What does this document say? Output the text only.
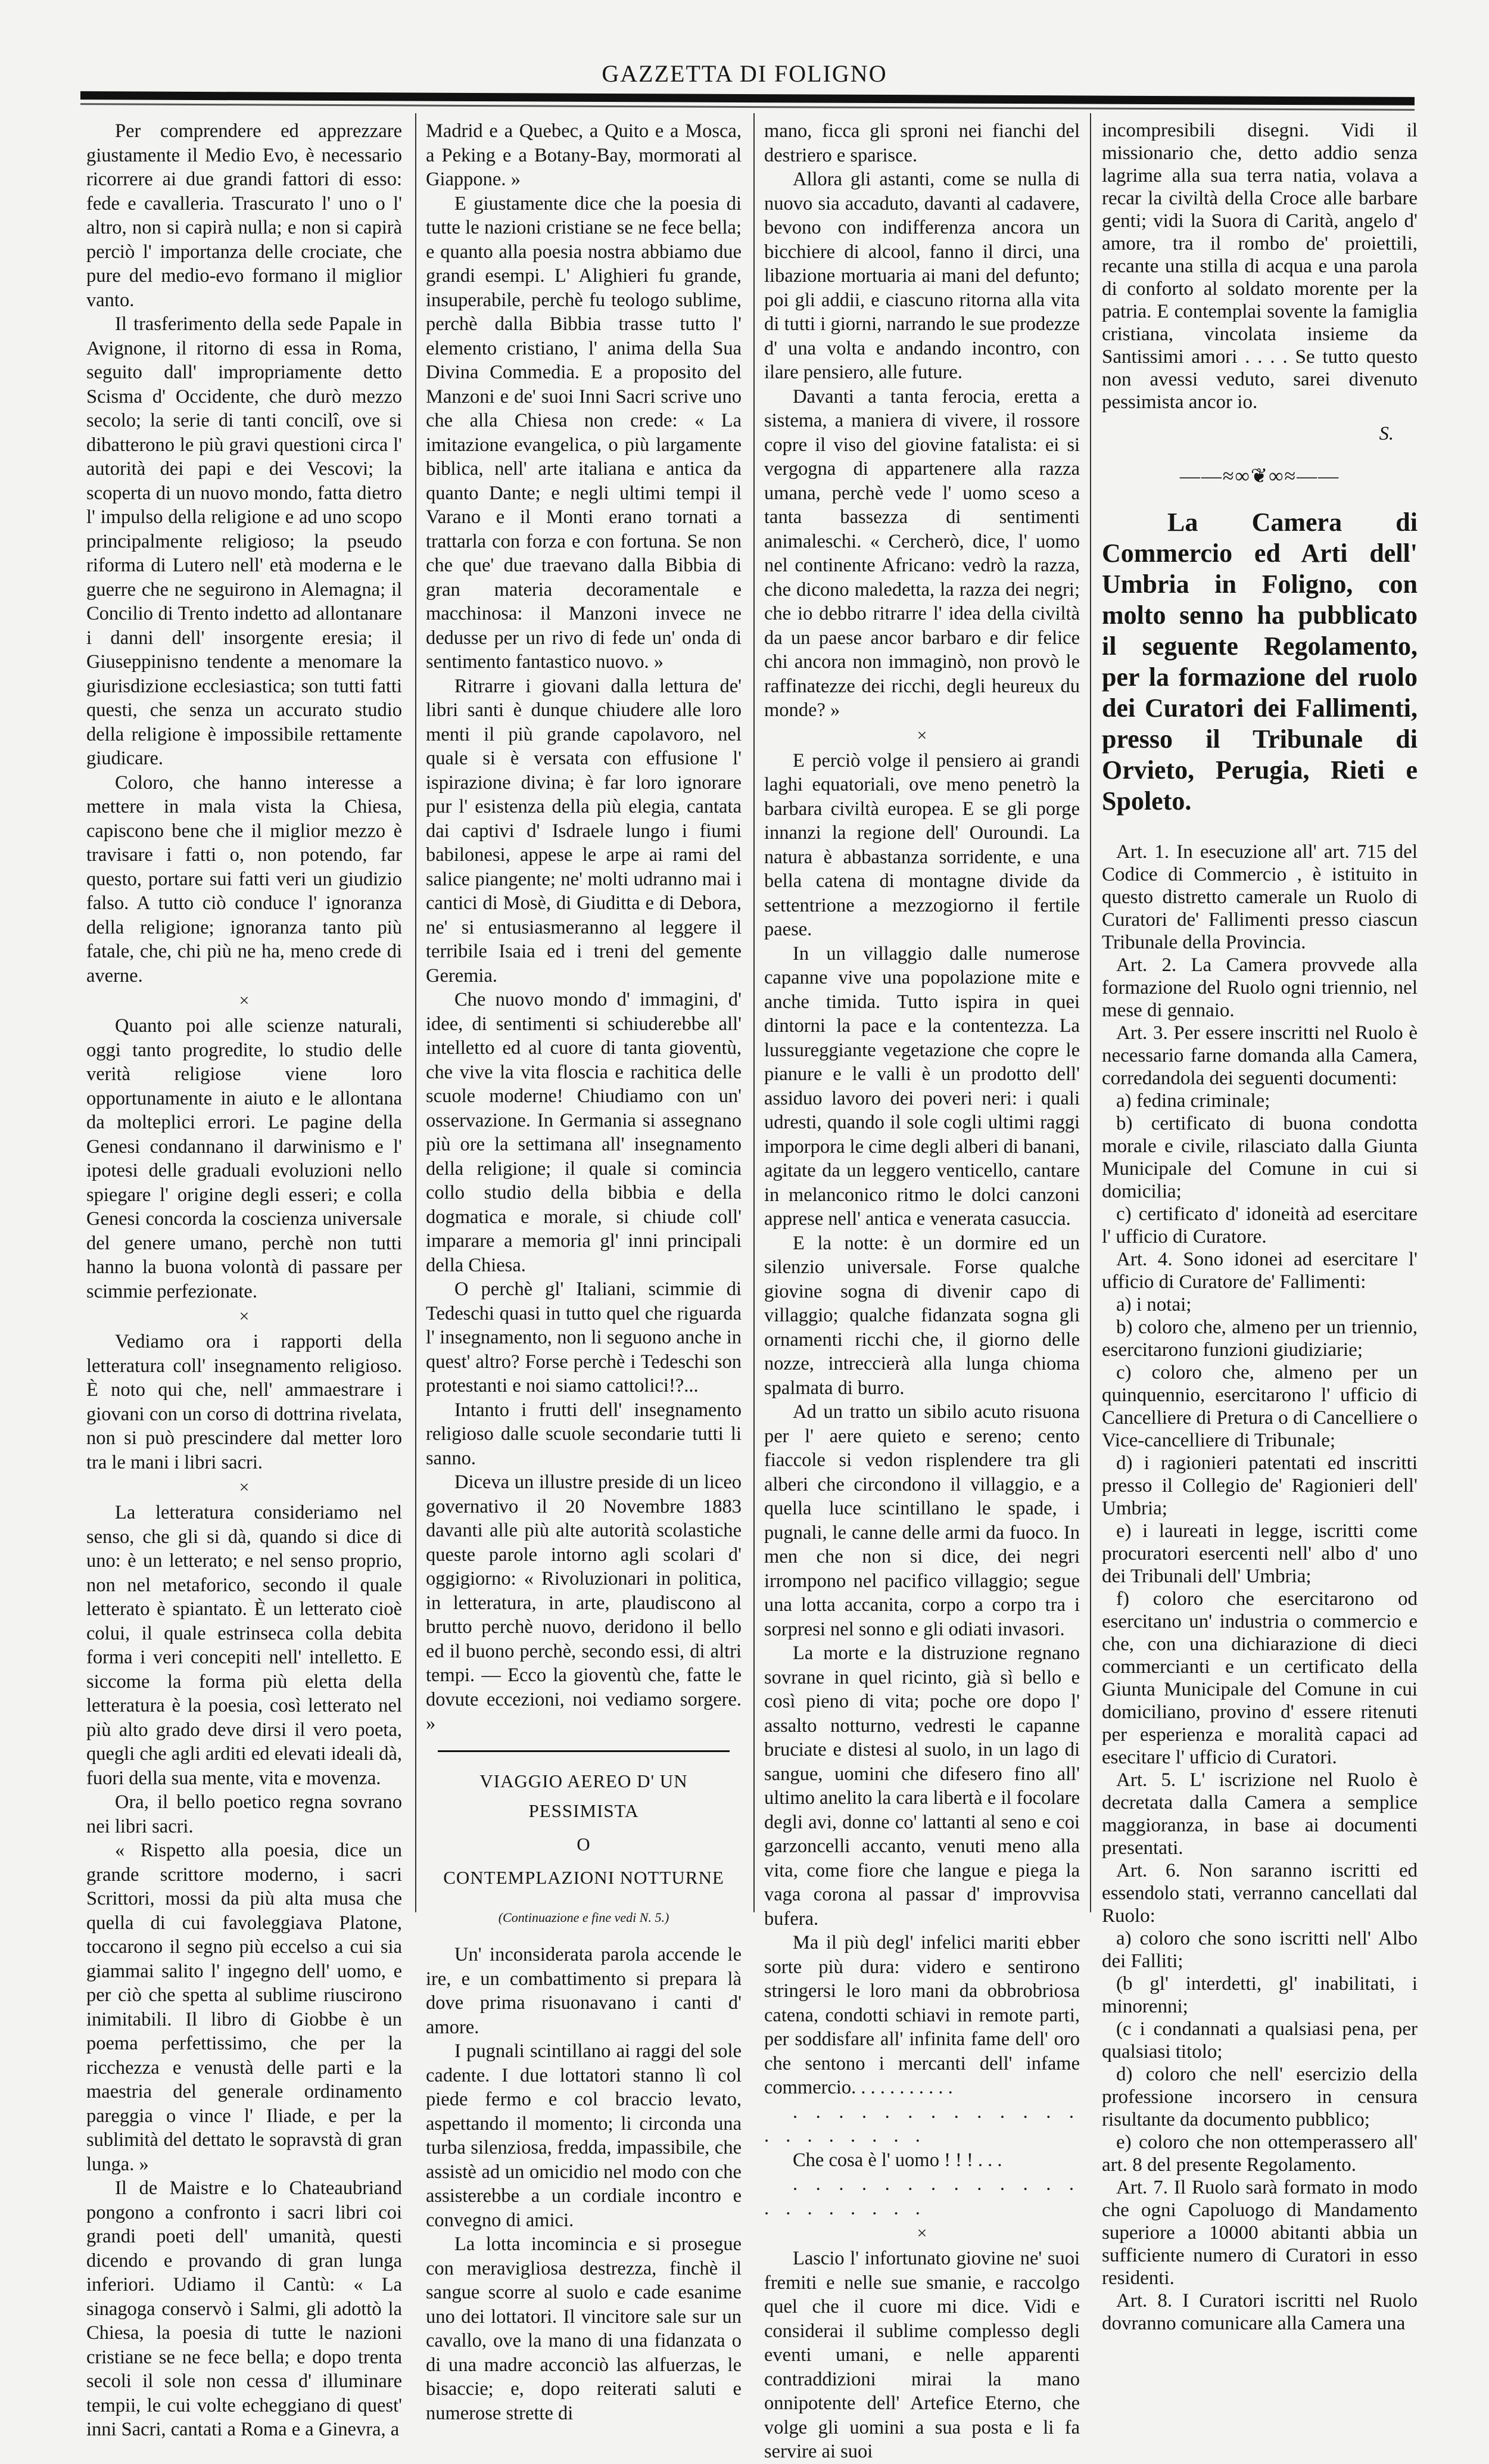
GAZZETTA DI FOLIGNO

Per comprendere ed apprezzare giustamente il Medio Evo, è necessario ricorrere ai due grandi fattori di esso: fede e cavalleria. Trascurato l' uno o l' altro, non si capirà nulla; e non si capirà perciò l' importanza delle crociate, che pure del medio-evo formano il miglior vanto.

Il trasferimento della sede Papale in Avignone, il ritorno di essa in Roma, seguito dall' impropriamente detto Scisma d' Occidente, che durò mezzo secolo; la serie di tanti concilî, ove si dibatterono le più gravi questioni circa l' autorità dei papi e dei Vescovi; la scoperta di un nuovo mondo, fatta dietro l' impulso della religione e ad uno scopo principalmente religioso; la pseudo riforma di Lutero nell' età moderna e le guerre che ne seguirono in Alemagna; il Concilio di Trento indetto ad allontanare i danni dell' insorgente eresia; il Giuseppinisno tendente a menomare la giurisdizione ecclesiastica; son tutti fatti questi, che senza un accurato studio della religione è impossibile rettamente giudicare.

Coloro, che hanno interesse a mettere in mala vista la Chiesa, capiscono bene che il miglior mezzo è travisare i fatti o, non potendo, far questo, portare sui fatti veri un giudizio falso. A tutto ciò conduce l' ignoranza della religione; ignoranza tanto più fatale, che, chi più ne ha, meno crede di averne.

×

Quanto poi alle scienze naturali, oggi tanto progredite, lo studio delle verità religiose viene loro opportunamente in aiuto e le allontana da molteplici errori. Le pagine della Genesi condannano il darwinismo e l' ipotesi delle graduali evoluzioni nello spiegare l' origine degli esseri; e colla Genesi concorda la coscienza universale del genere umano, perchè non tutti hanno la buona volontà di passare per scimmie perfezionate.

×

Vediamo ora i rapporti della letteratura coll' insegnamento religioso. È noto qui che, nell' ammaestrare i giovani con un corso di dottrina rivelata, non si può prescindere dal metter loro tra le mani i libri sacri.

×

La letteratura consideriamo nel senso, che gli si dà, quando si dice di uno: è un letterato; e nel senso proprio, non nel metaforico, secondo il quale letterato è spiantato. È un letterato cioè colui, il quale estrinseca colla debita forma i veri concepiti nell' intelletto. E siccome la forma più eletta della letteratura è la poesia, così letterato nel più alto grado deve dirsi il vero poeta, quegli che agli arditi ed elevati ideali dà, fuori della sua mente, vita e movenza.

Ora, il bello poetico regna sovrano nei libri sacri.

« Rispetto alla poesia, dice un grande scrittore moderno, i sacri Scrittori, mossi da più alta musa che quella di cui favoleggiava Platone, toccarono il segno più eccelso a cui sia giammai salito l' ingegno dell' uomo, e per ciò che spetta al sublime riuscirono inimitabili. Il libro di Giobbe è un poema perfettissimo, che per la ricchezza e venustà delle parti e la maestria del generale ordinamento pareggia o vince l' Iliade, e per la sublimità del dettato le sopravstà di gran lunga. »

Il de Maistre e lo Chateaubriand pongono a confronto i sacri libri coi grandi poeti dell' umanità, questi dicendo e provando di gran lunga inferiori. Udiamo il Cantù: « La sinagoga conservò i Salmi, gli adottò la Chiesa, la poesia di tutte le nazioni cristiane se ne fece bella; e dopo trenta secoli il sole non cessa d' illuminare tempii, le cui volte echeggiano di quest' inni Sacri, cantati a Roma e a Ginevra, a

Madrid e a Quebec, a Quito e a Mosca, a Peking e a Botany-Bay, mormorati al Giappone. »

E giustamente dice che la poesia di tutte le nazioni cristiane se ne fece bella; e quanto alla poesia nostra abbiamo due grandi esempi. L' Alighieri fu grande, insuperabile, perchè fu teologo sublime, perchè dalla Bibbia trasse tutto l' elemento cristiano, l' anima della Sua Divina Commedia. E a proposito del Manzoni e de' suoi Inni Sacri scrive uno che alla Chiesa non crede: « La imitazione evangelica, o più largamente biblica, nell' arte italiana e antica da quanto Dante; e negli ultimi tempi il Varano e il Monti erano tornati a trattarla con forza e con fortuna. Se non che que' due traevano dalla Bibbia di gran materia decoramentale e macchinosa: il Manzoni invece ne dedusse per un rivo di fede un' onda di sentimento fantastico nuovo. »

Ritrarre i giovani dalla lettura de' libri santi è dunque chiudere alle loro menti il più grande capolavoro, nel quale si è versata con effusione l' ispirazione divina; è far loro ignorare pur l' esistenza della più elegia, cantata dai captivi d' Isdraele lungo i fiumi babilonesi, appese le arpe ai rami del salice piangente; ne' molti udranno mai i cantici di Mosè, di Giuditta e di Debora, ne' si entusiasmeranno al leggere il terribile Isaia ed i treni del gemente Geremia.

Che nuovo mondo d' immagini, d' idee, di sentimenti si schiuderebbe all' intelletto ed al cuore di tanta gioventù, che vive la vita floscia e rachitica delle scuole moderne! Chiudiamo con un' osservazione. In Germania si assegnano più ore la settimana all' insegnamento della religione; il quale si comincia collo studio della bibbia e della dogmatica e morale, si chiude coll' imparare a memoria gl' inni principali della Chiesa.

O perchè gl' Italiani, scimmie di Tedeschi quasi in tutto quel che riguarda l' insegnamento, non li seguono anche in quest' altro? Forse perchè i Tedeschi son protestanti e noi siamo cattolici!?...

Intanto i frutti dell' insegnamento religioso dalle scuole secondarie tutti li sanno.

Diceva un illustre preside di un liceo governativo il 20 Novembre 1883 davanti alle più alte autorità scolastiche queste parole intorno agli scolari d' oggigiorno: « Rivoluzionari in politica, in letteratura, in arte, plaudiscono al brutto perchè nuovo, deridono il bello ed il buono perchè, secondo essi, di altri tempi. — Ecco la gioventù che, fatte le dovute eccezioni, noi vediamo sorgere. »

VIAGGIO AEREO D' UN PESSIMISTA
O
CONTEMPLAZIONI NOTTURNE
(Continuazione e fine vedi N. 5.)

Un' inconsiderata parola accende le ire, e un combattimento si prepara là dove prima risuonavano i canti d' amore.

I pugnali scintillano ai raggi del sole cadente. I due lottatori stanno lì col piede fermo e col braccio levato, aspettando il momento; li circonda una turba silenziosa, fredda, impassibile, che assistè ad un omicidio nel modo con che assisterebbe a un cordiale incontro e convegno di amici.

La lotta incomincia e si prosegue con meravigliosa destrezza, finchè il sangue scorre al suolo e cade esanime uno dei lottatori. Il vincitore sale sur un cavallo, ove la mano di una fidanzata o di una madre acconciò las alfuerzas, le bisaccie; e, dopo reiterati saluti e numerose strette di

mano, ficca gli sproni nei fianchi del destriero e sparisce.

Allora gli astanti, come se nulla di nuovo sia accaduto, davanti al cadavere, bevono con indifferenza ancora un bicchiere di alcool, fanno il dirci, una libazione mortuaria ai mani del defunto; poi gli addii, e ciascuno ritorna alla vita di tutti i giorni, narrando le sue prodezze d' una volta e andando incontro, con ilare pensiero, alle future.

Davanti a tanta ferocia, eretta a sistema, a maniera di vivere, il rossore copre il viso del giovine fatalista: ei si vergogna di appartenere alla razza umana, perchè vede l' uomo sceso a tanta bassezza di sentimenti animaleschi. « Cercherò, dice, l' uomo nel continente Africano: vedrò la razza, che dicono maledetta, la razza dei negri; che io debbo ritrarre l' idea della civiltà da un paese ancor barbaro e dir felice chi ancora non immaginò, non provò le raffinatezze dei ricchi, degli heureux du monde? »

×

E perciò volge il pensiero ai grandi laghi equatoriali, ove meno penetrò la barbara civiltà europea. E se gli porge innanzi la regione dell' Ouroundi. La natura è abbastanza sorridente, e una bella catena di montagne divide da settentrione a mezzogiorno il fertile paese.

In un villaggio dalle numerose capanne vive una popolazione mite e anche timida. Tutto ispira in quei dintorni la pace e la contentezza. La lussureggiante vegetazione che copre le pianure e le valli è un prodotto dell' assiduo lavoro dei poveri neri: i quali udresti, quando il sole cogli ultimi raggi imporpora le cime degli alberi di banani, agitate da un leggero venticello, cantare in melanconico ritmo le dolci canzoni apprese nell' antica e venerata casuccia.

E la notte: è un dormire ed un silenzio universale. Forse qualche giovine sogna di divenir capo di villaggio; qualche fidanzata sogna gli ornamenti ricchi che, il giorno delle nozze, intreccierà alla lunga chioma spalmata di burro.

Ad un tratto un sibilo acuto risuona per l' aere quieto e sereno; cento fiaccole si vedon risplendere tra gli alberi che circondono il villaggio, e a quella luce scintillano le spade, i pugnali, le canne delle armi da fuoco. In men che non si dice, dei negri irrompono nel pacifico villaggio; segue una lotta accanita, corpo a corpo tra i sorpresi nel sonno e gli odiati invasori.

La morte e la distruzione regnano sovrane in quel ricinto, già sì bello e così pieno di vita; poche ore dopo l' assalto notturno, vedresti le capanne bruciate e distesi al suolo, in un lago di sangue, uomini che difesero fino all' ultimo anelito la cara libertà e il focolare degli avi, donne co' lattanti al seno e coi garzoncelli accanto, venuti meno alla vita, come fiore che langue e piega la vaga corona al passar d' improvvisa bufera.

Ma il più degl' infelici mariti ebber sorte più dura: videro e sentirono stringersi le loro mani da obbrobriosa catena, condotti schiavi in remote parti, per soddisfare all' infinita fame dell' oro che sentono i mercanti dell' infame commercio. . . . . . . . . . .

. . . . . . . . . . . . . . . . . . . . .

Che cosa è l' uomo ! ! ! . . .

. . . . . . . . . . . . . . . . . . . . .

×

Lascio l' infortunato giovine ne' suoi fremiti e nelle sue smanie, e raccolgo quel che il cuore mi dice. Vidi e considerai il sublime complesso degli eventi umani, e nelle apparenti contraddizioni mirai la mano onnipotente dell' Artefice Eterno, che volge gli uomini a sua posta e li fa servire ai suoi

incompresibili disegni. Vidi il missionario che, detto addio senza lagrime alla sua terra natia, volava a recar la civiltà della Croce alle barbare genti; vidi la Suora di Carità, angelo d' amore, tra il rombo de' proiettili, recante una stilla di acqua e una parola di conforto al soldato morente per la patria. E contemplai sovente la famiglia cristiana, vincolata insieme da Santissimi amori . . . . Se tutto questo non avessi veduto, sarei divenuto pessimista ancor io.

S.
——≈∞❦∞≈——
La Camera di Commercio ed Arti dell' Umbria in Foligno, con molto senno ha pubblicato il seguente Regolamento, per la formazione del ruolo dei Curatori dei Fallimenti, presso il Tribunale di Orvieto, Perugia, Rieti e Spoleto.

Art. 1. In esecuzione all' art. 715 del Codice di Commercio , è istituito in questo distretto camerale un Ruolo di Curatori de' Fallimenti presso ciascun Tribunale della Provincia.

Art. 2. La Camera provvede alla formazione del Ruolo ogni triennio, nel mese di gennaio.

Art. 3. Per essere inscritti nel Ruolo è necessario farne domanda alla Camera, corredandola dei seguenti documenti:

a) fedina criminale;

b) certificato di buona condotta morale e civile, rilasciato dalla Giunta Municipale del Comune in cui si domicilia;

c) certificato d' idoneità ad esercitare l' ufficio di Curatore.

Art. 4. Sono idonei ad esercitare l' ufficio di Curatore de' Fallimenti:

a) i notai;

b) coloro che, almeno per un triennio, esercitarono funzioni giudiziarie;

c) coloro che, almeno per un quinquennio, esercitarono l' ufficio di Cancelliere di Pretura o di Cancelliere o Vice-cancelliere di Tribunale;

d) i ragionieri patentati ed inscritti presso il Collegio de' Ragionieri dell' Umbria;

e) i laureati in legge, iscritti come procuratori esercenti nell' albo d' uno dei Tribunali dell' Umbria;

f) coloro che esercitarono od esercitano un' industria o commercio e che, con una dichiarazione di dieci commercianti e un certificato della Giunta Municipale del Comune in cui domiciliano, provino d' essere ritenuti per esperienza e moralità capaci ad esecitare l' ufficio di Curatori.

Art. 5. L' iscrizione nel Ruolo è decretata dalla Camera a semplice maggioranza, in base ai documenti presentati.

Art. 6. Non saranno iscritti ed essendolo stati, verranno cancellati dal Ruolo:

a) coloro che sono iscritti nell' Albo dei Falliti;

(b gl' interdetti, gl' inabilitati, i minorenni;

(c i condannati a qualsiasi pena, per qualsiasi titolo;

d) coloro che nell' esercizio della professione incorsero in censura risultante da documento pubblico;

e) coloro che non ottemperassero all' art. 8 del presente Regolamento.

Art. 7. Il Ruolo sarà formato in modo che ogni Capoluogo di Mandamento superiore a 10000 abitanti abbia un sufficiente numero di Curatori in esso residenti.

Art. 8. I Curatori iscritti nel Ruolo dovranno comunicare alla Camera una
